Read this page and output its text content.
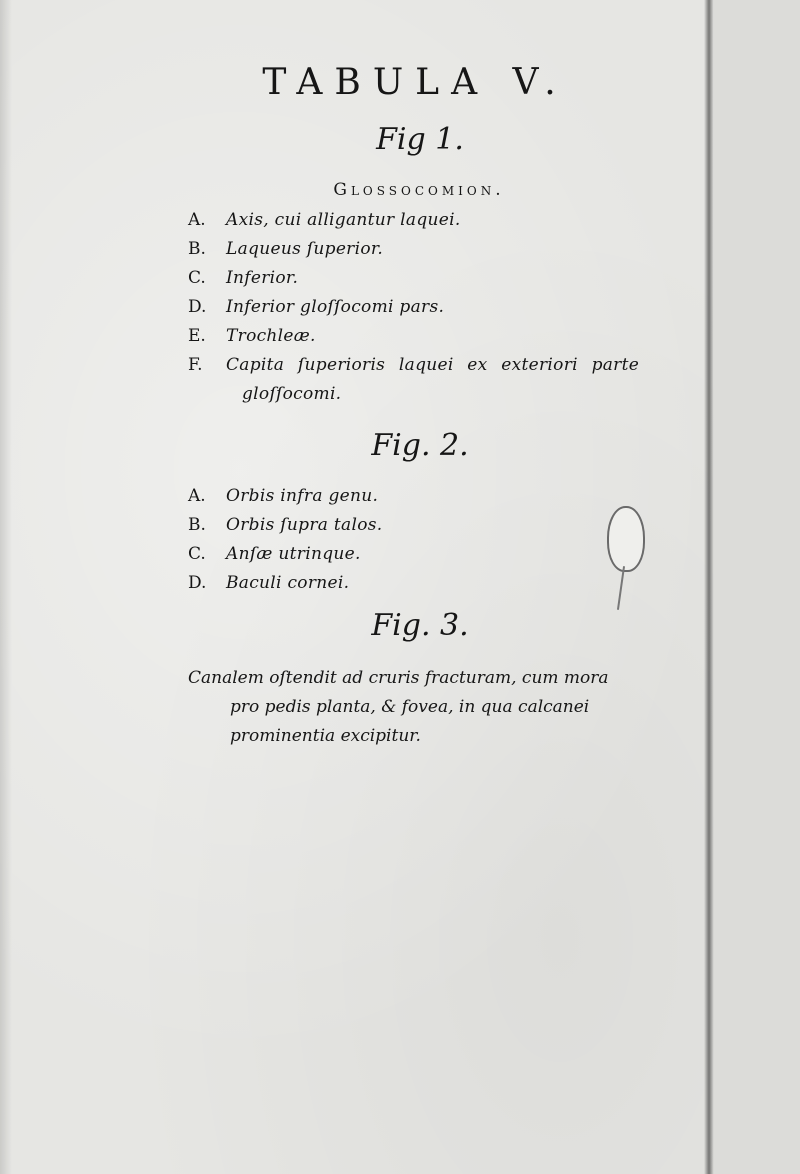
TABULA V.
Fig 1.
Glossocomion.
A.	Axis, cui alligantur laquei.
B.	Laqueus ſuperior.
C.	Inferior.
D.	Inferior gloſſocomi pars.
E.	Trochleæ.
F.	Capita ſuperioris laquei ex exteriori parte
gloſſocomi.
Fig. 2.
A.	Orbis infra genu.
B.	Orbis ſupra talos.
C.	Anſæ utrinque.
D.	Baculi cornei.
Fig. 3.

Canalem oſtendit ad cruris fracturam, cum mora
pro pedis planta, & fovea, in qua calcanei
prominentia excipitur.
